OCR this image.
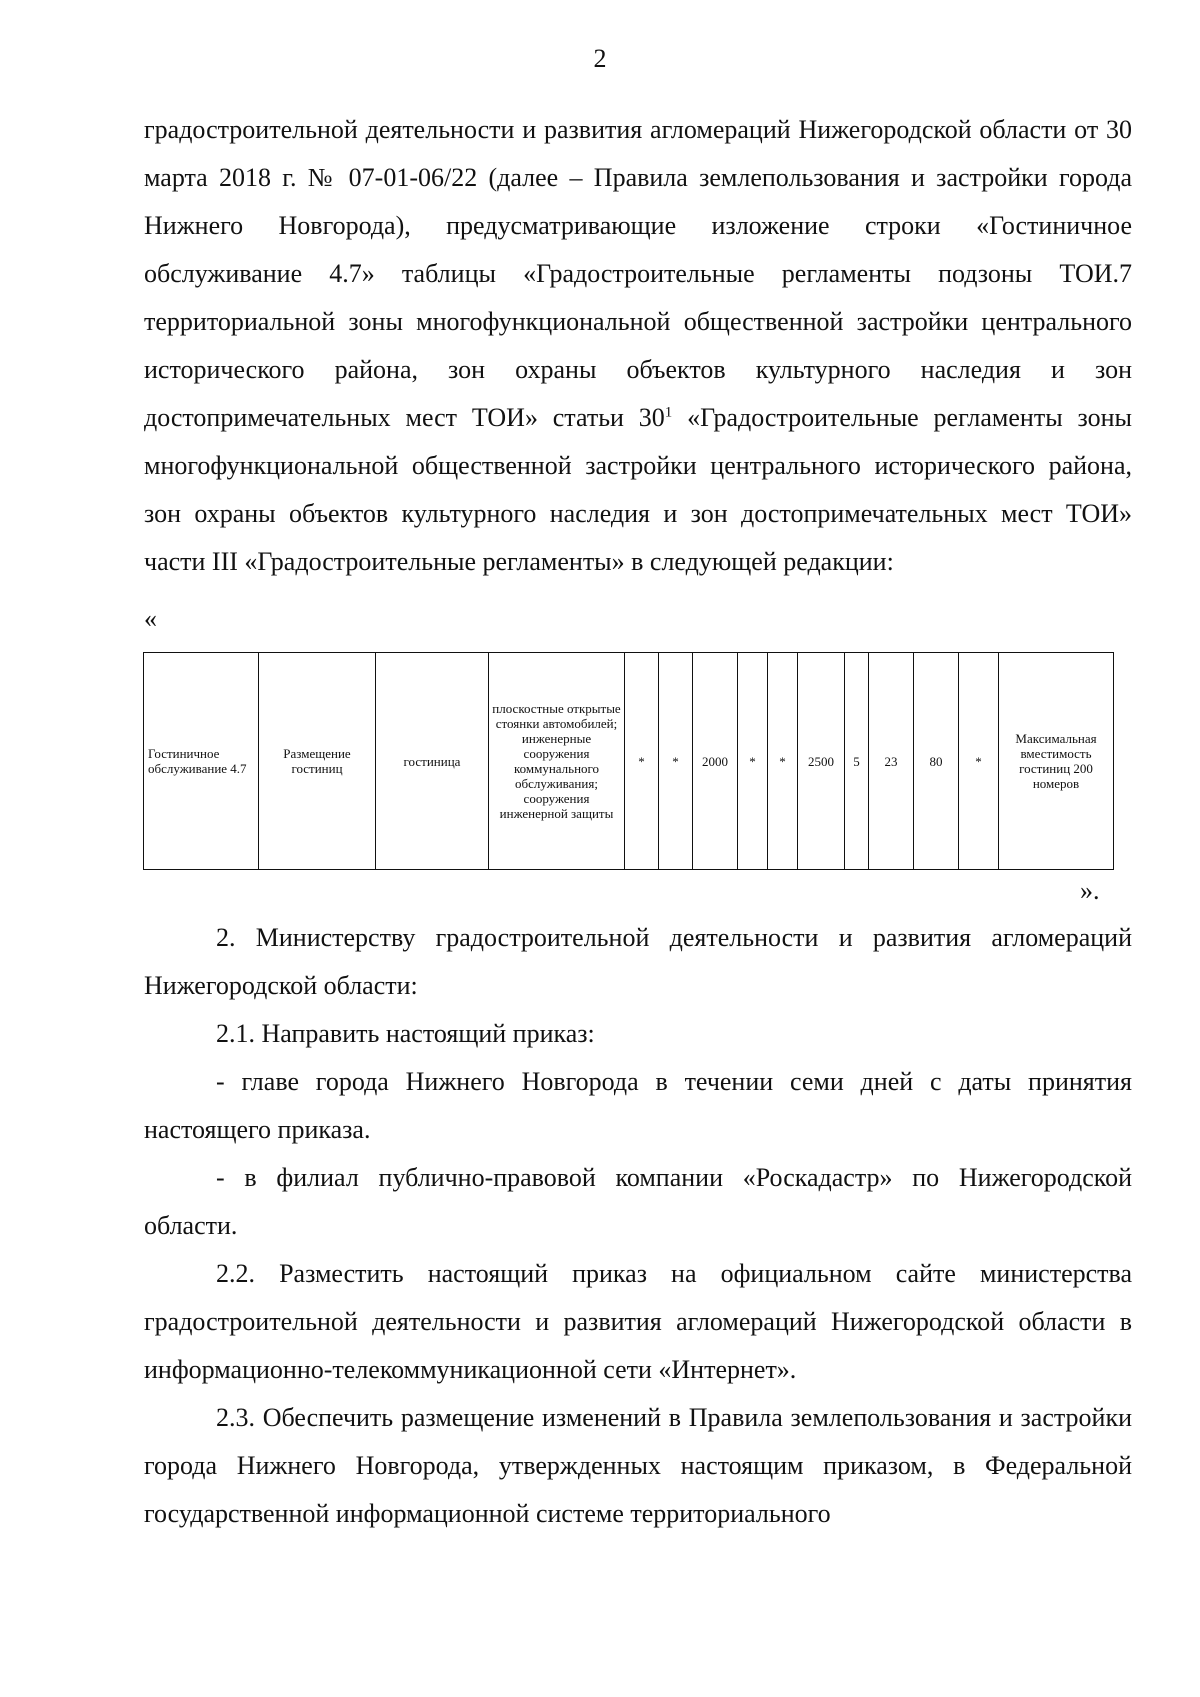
2

градостроительной деятельности и развития агломераций Нижегородской области от 30 марта 2018 г. № 07-01-06/22 (далее – Правила землепользования и застройки города Нижнего Новгорода), предусматривающие изложение строки «Гостиничное обслуживание 4.7» таблицы «Градостроительные регламенты подзоны ТОИ.7 территориальной зоны многофункциональной общественной застройки центрального исторического района, зон охраны объектов культурного наследия и зон достопримечательных мест ТОИ» статьи $30^1$ «Градостроительные регламенты зоны многофункциональной общественной застройки центрального исторического района, зон охраны объектов культурного наследия и зон достопримечательных мест ТОИ» части III «Градостроительные регламенты» в следующей редакции:

«
Гостиничное обслуживание 4.7	Размещение гостиниц	гостиница	плоскостные открытые стоянки автомобилей; инженерные сооружения коммунального обслуживания; сооружения инженерной защиты	*	*	2000	*	*	2500	5	23	80	*	Максимальная вместимость гостиниц 200 номеров
».

2. Министерству градостроительной деятельности и развития агломераций Нижегородской области:

2.1. Направить настоящий приказ:

- главе города Нижнего Новгорода в течении семи дней с даты принятия настоящего приказа.

- в филиал публично-правовой компании «Роскадастр» по Нижегородской области.

2.2. Разместить настоящий приказ на официальном сайте министерства градостроительной деятельности и развития агломераций Нижегородской области в информационно-телекоммуникационной сети «Интернет».

2.3. Обеспечить размещение изменений в Правила землепользования и застройки города Нижнего Новгорода, утвержденных настоящим приказом, в Федеральной государственной информационной системе территориального
